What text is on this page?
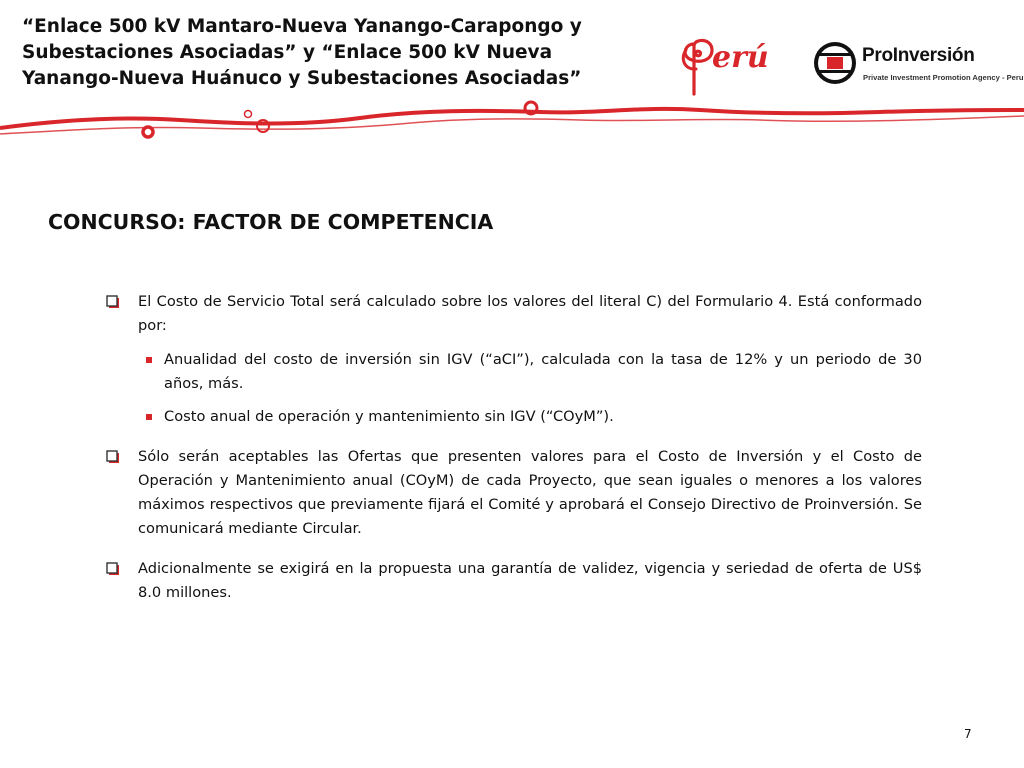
“Enlace 500 kV Mantaro-Nueva Yanango-Carapongo y
Subestaciones Asociadas” y “Enlace 500 kV Nueva
Yanango-Nueva Huánuco y Subestaciones Asociadas”
erú	ProInversión
Private Investment Promotion Agency - Peru
CONCURSO: FACTOR DE COMPETENCIA
El Costo de Servicio Total será calculado sobre los valores del literal C) del Formulario 4. Está conformado por:
Anualidad del costo de inversión sin IGV (“aCI”), calculada con la tasa de 12% y un periodo de 30 años, más.
Costo anual de operación y mantenimiento sin IGV (“COyM”).
Sólo serán aceptables las Ofertas que presenten valores para el Costo de Inversión y el Costo de Operación y Mantenimiento anual (COyM) de cada Proyecto, que sean iguales o menores a los valores máximos respectivos que previamente fijará el Comité y aprobará el Consejo Directivo de Proinversión. Se comunicará mediante Circular.
Adicionalmente se exigirá en la propuesta una garantía de validez, vigencia y seriedad de oferta de US$ 8.0 millones.
7
